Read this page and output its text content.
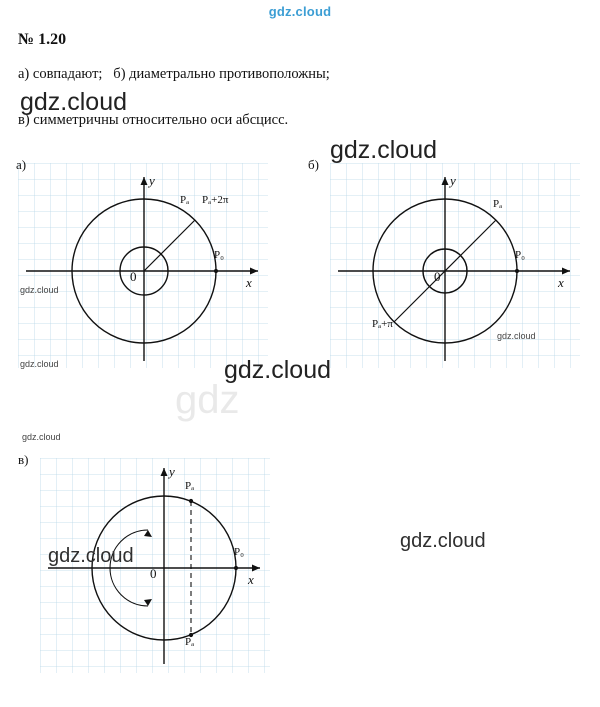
gdz.cloud
№ 1.20
а) совпадают;   б) диаметрально противоположны;
в) симметричны относительно оси абсцисс.
gdz
а)
y
x
0
Pₐ Pₐ+2π
P₀
б)
y
x
0
Pₐ
Pₐ+π
P₀
в)
y
x
0
Pₐ
Pₐ
P₀
gdz.cloud
gdz.cloud
gdz.cloud
gdz.cloud
gdz.cloud
gdz.cloud
gdz.cloud
gdz.cloud
gdz.cloud
